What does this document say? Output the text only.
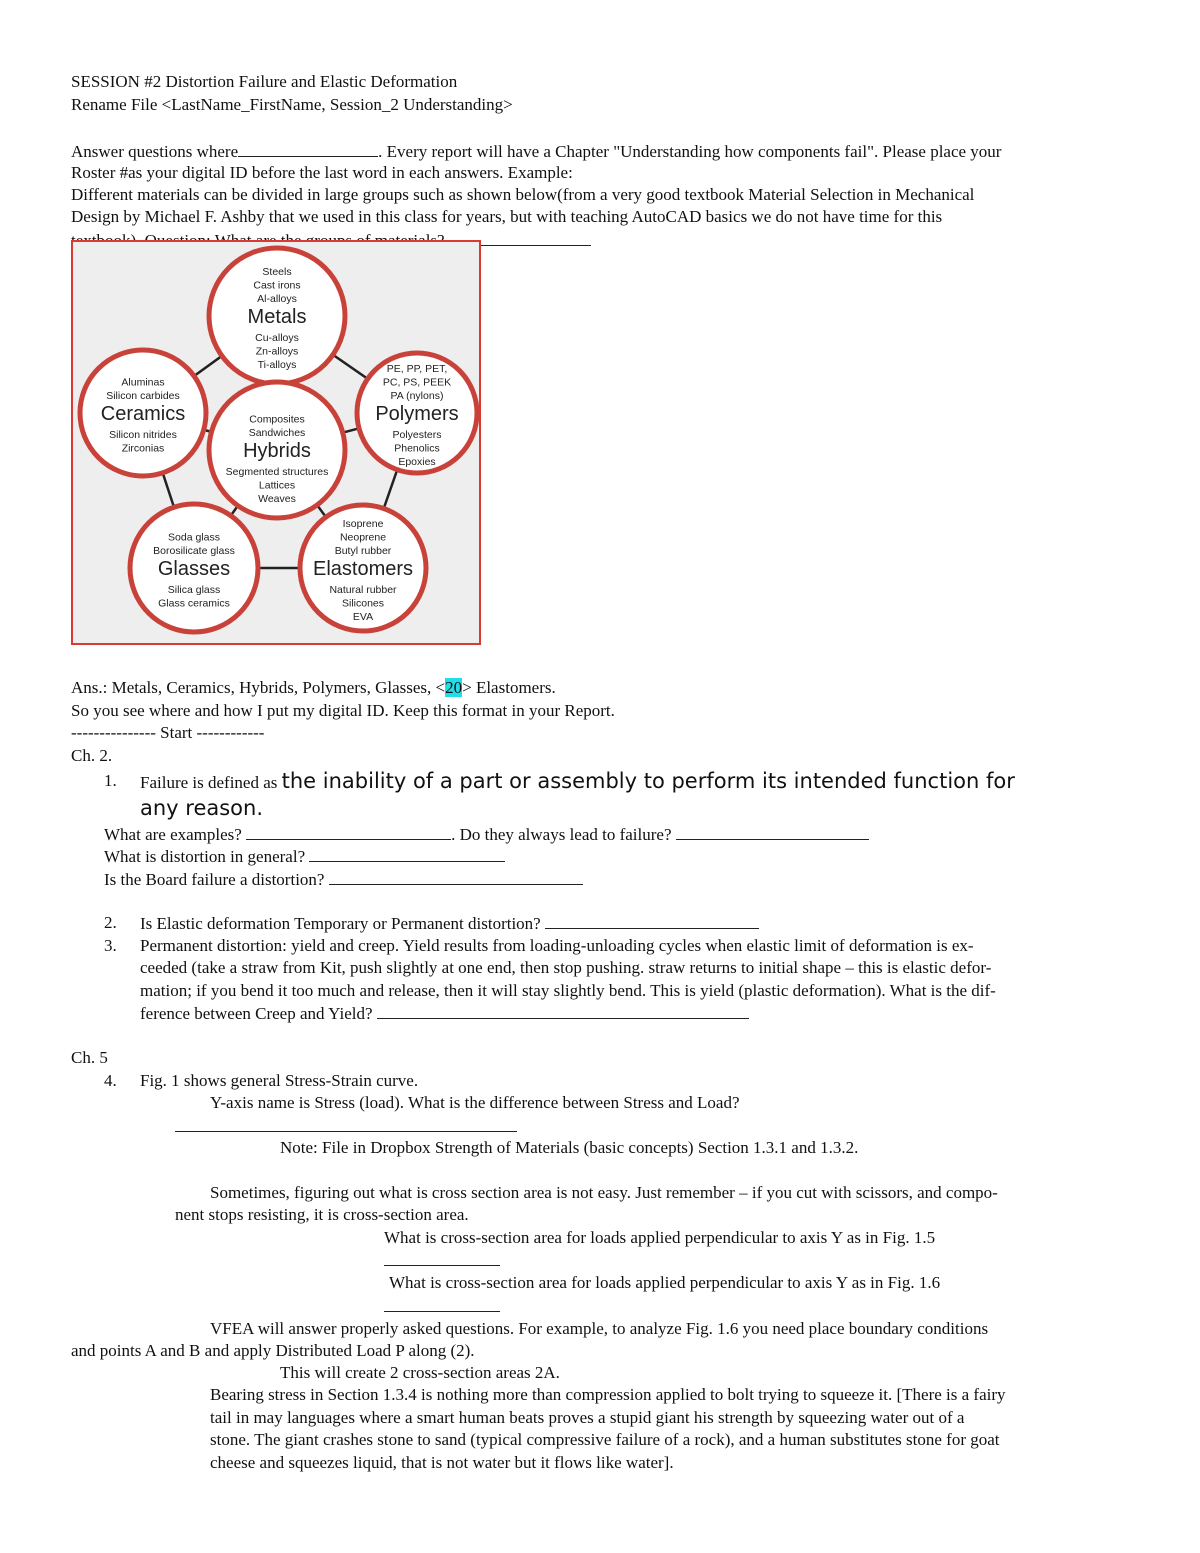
SESSION #2 Distortion Failure and Elastic Deformation
Rename File <LastName_FirstName, Session_2 Understanding>
Answer questions where	. Every report will have a Chapter "Understanding how components fail". Please place your
Roster #as your digital ID before the last word in each answers. Example:
Different materials can be divided in large groups such as shown below(from a very good textbook Material Selection in Mechanical
Design by Michael F. Ashby that we used in this class for years, but with teaching AutoCAD basics we do not have time for this
Metals
Steels
Cast irons
Al-alloys
Cu-alloys
Zn-alloys
Ti-alloys
Polymers
PE, PP, PET,
PC, PS, PEEK
PA (nylons)
Polyesters
Phenolics
Epoxies
Ceramics
Aluminas
Silicon carbides
Silicon nitrides
Zirconias	Hybrids
Composites
Sandwiches
Segmented structures
Lattices
Weaves
Glasses
Soda glass
Borosilicate glass
Silica glass
Glass ceramics
Elastomers
Isoprene
Neoprene
Butyl rubber
Natural rubber
Silicones
EVA
Ans.: Metals, Ceramics, Hybrids, Polymers, Glasses, <20> Elastomers.
So you see where and how I put my digital ID. Keep this format in your Report.
--------------- Start ------------
Ch. 2.
1. Failure is defined as the inability of a part or assembly to perform its intended function for
any reason.
What are examples?	. Do they always lead to failure?
What is distortion in general?
Is the Board failure a distortion?
2. Is Elastic deformation Temporary or Permanent distortion?
3. Permanent distortion: yield and creep. Yield results from loading-unloading cycles when elastic limit of deformation is ex-
ceeded (take a straw from Kit, push slightly at one end, then stop pushing. straw returns to initial shape – this is elastic defor-
mation; if you bend it too much and release, then it will stay slightly bend. This is yield (plastic deformation). What is the dif-
ference between Creep and Yield?
Ch. 5
4. Fig. 1 shows general Stress-Strain curve.
Y-axis name is Stress (load). What is the difference between Stress and Load?
Note: File in Dropbox Strength of Materials (basic concepts) Section 1.3.1 and 1.3.2.
Sometimes, figuring out what is cross section area is not easy. Just remember – if you cut with scissors, and compo-
nent stops resisting, it is cross-section area.
What is cross-section area for loads applied perpendicular to axis Y as in Fig. 1.5
What is cross-section area for loads applied perpendicular to axis Y as in Fig. 1.6
VFEA will answer properly asked questions. For example, to analyze Fig. 1.6 you need place boundary conditions
and points A and B and apply Distributed Load P along (2).
This will create 2 cross-section areas 2A.
Bearing stress in Section 1.3.4 is nothing more than compression applied to bolt trying to squeeze it. [There is a fairy
tail in may languages where a smart human beats proves a stupid giant his strength by squeezing water out of a
stone. The giant crashes stone to sand (typical compressive failure of a rock), and a human substitutes stone for goat
cheese and squeezes liquid, that is not water but it flows like water].
